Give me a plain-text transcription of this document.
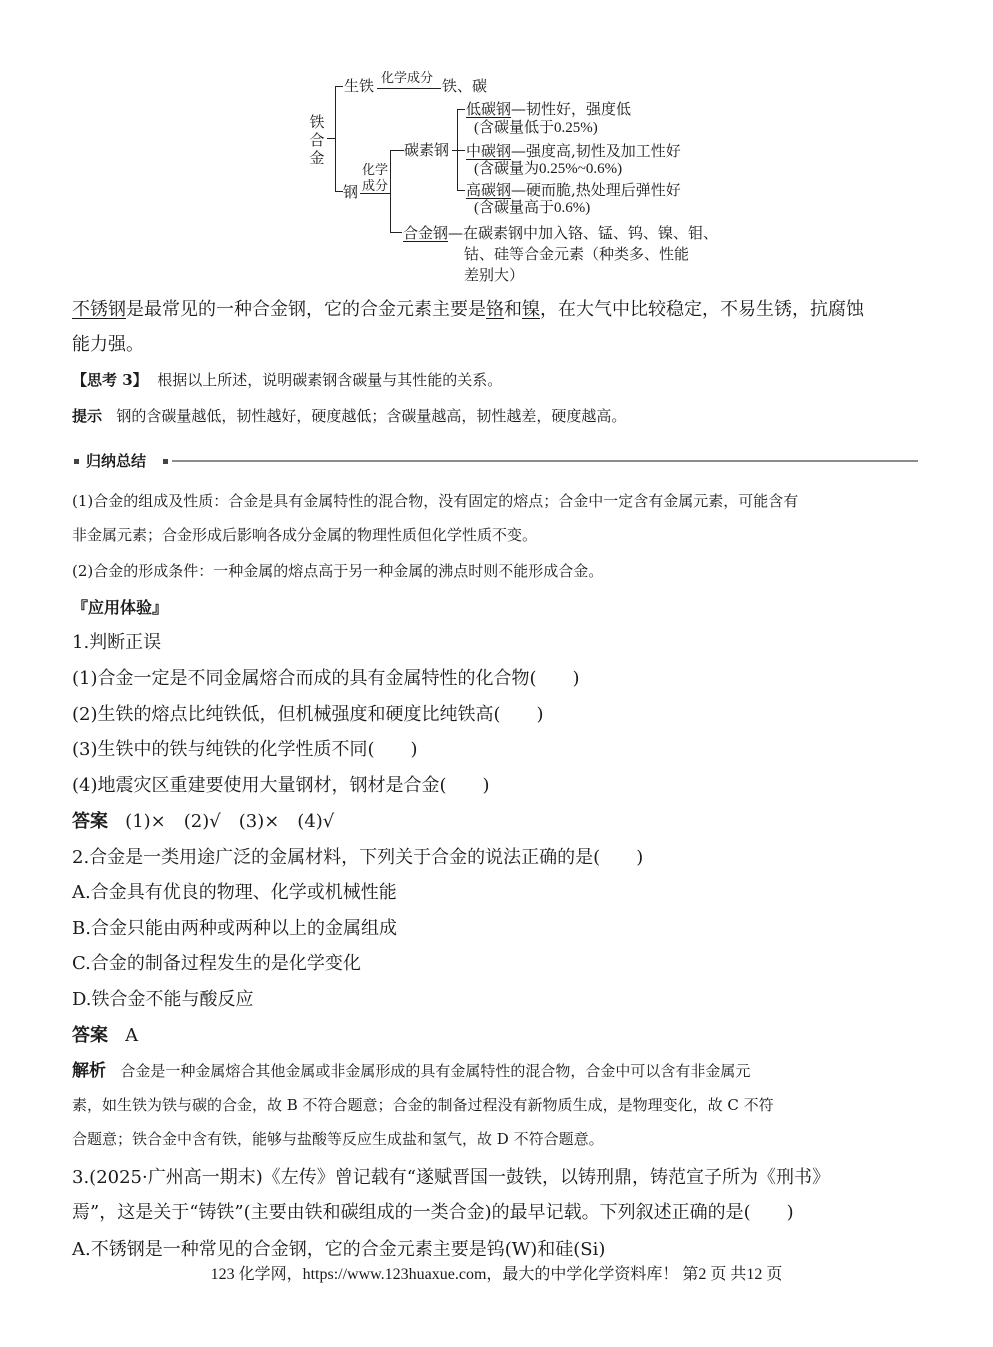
铁
合
金
生铁 化学成分 铁、碳
钢
化学
成分
碳素钢
低碳钢—韧性好，强度低
(含碳量低于0.25%)
中碳钢—强度高,韧性及加工性好
(含碳量为0.25%~0.6%)
高碳钢—硬而脆,热处理后弹性好
(含碳量高于0.6%)
合金钢—在碳素钢中加入铬、锰、钨、镍、钼、
钴、硅等合金元素（种类多、性能
差别大）
不锈钢是最常见的一种合金钢，它的合金元素主要是铬和镍，在大气中比较稳定，不易生锈，抗腐蚀
能力强。
【思考 3】 根据以上所述，说明碳素钢含碳量与其性能的关系。
提示 钢的含碳量越低，韧性越好，硬度越低；含碳量越高，韧性越差，硬度越高。
归纳总结
(1)合金的组成及性质：合金是具有金属特性的混合物，没有固定的熔点；合金中一定含有金属元素，可能含有
非金属元素；合金形成后影响各成分金属的物理性质但化学性质不变。
(2)合金的形成条件：一种金属的熔点高于另一种金属的沸点时则不能形成合金。
『应用体验』
1.判断正误
(1)合金一定是不同金属熔合而成的具有金属特性的化合物(　　)
(2)生铁的熔点比纯铁低，但机械强度和硬度比纯铁高(　　)
(3)生铁中的铁与纯铁的化学性质不同(　　)
(4)地震灾区重建要使用大量钢材，钢材是合金(　　)
答案 (1)×　(2)√　(3)×　(4)√
2.合金是一类用途广泛的金属材料，下列关于合金的说法正确的是(　　)
A.合金具有优良的物理、化学或机械性能
B.合金只能由两种或两种以上的金属组成
C.合金的制备过程发生的是化学变化
D.铁合金不能与酸反应
答案 A
解析 合金是一种金属熔合其他金属或非金属形成的具有金属特性的混合物，合金中可以含有非金属元
素，如生铁为铁与碳的合金，故 B 不符合题意；合金的制备过程没有新物质生成，是物理变化，故 C 不符
合题意；铁合金中含有铁，能够与盐酸等反应生成盐和氢气，故 D 不符合题意。
3.(2025·广州高一期末)《左传》曾记载有“遂赋晋国一鼓铁，以铸刑鼎，铸范宣子所为《刑书》
焉”，这是关于“铸铁”(主要由铁和碳组成的一类合金)的最早记载。下列叙述正确的是(　　)
A.不锈钢是一种常见的合金钢，它的合金元素主要是钨(W)和硅(Si)
123 化学网，https://www.123huaxue.com，最大的中学化学资料库！ 第2 页 共12 页
